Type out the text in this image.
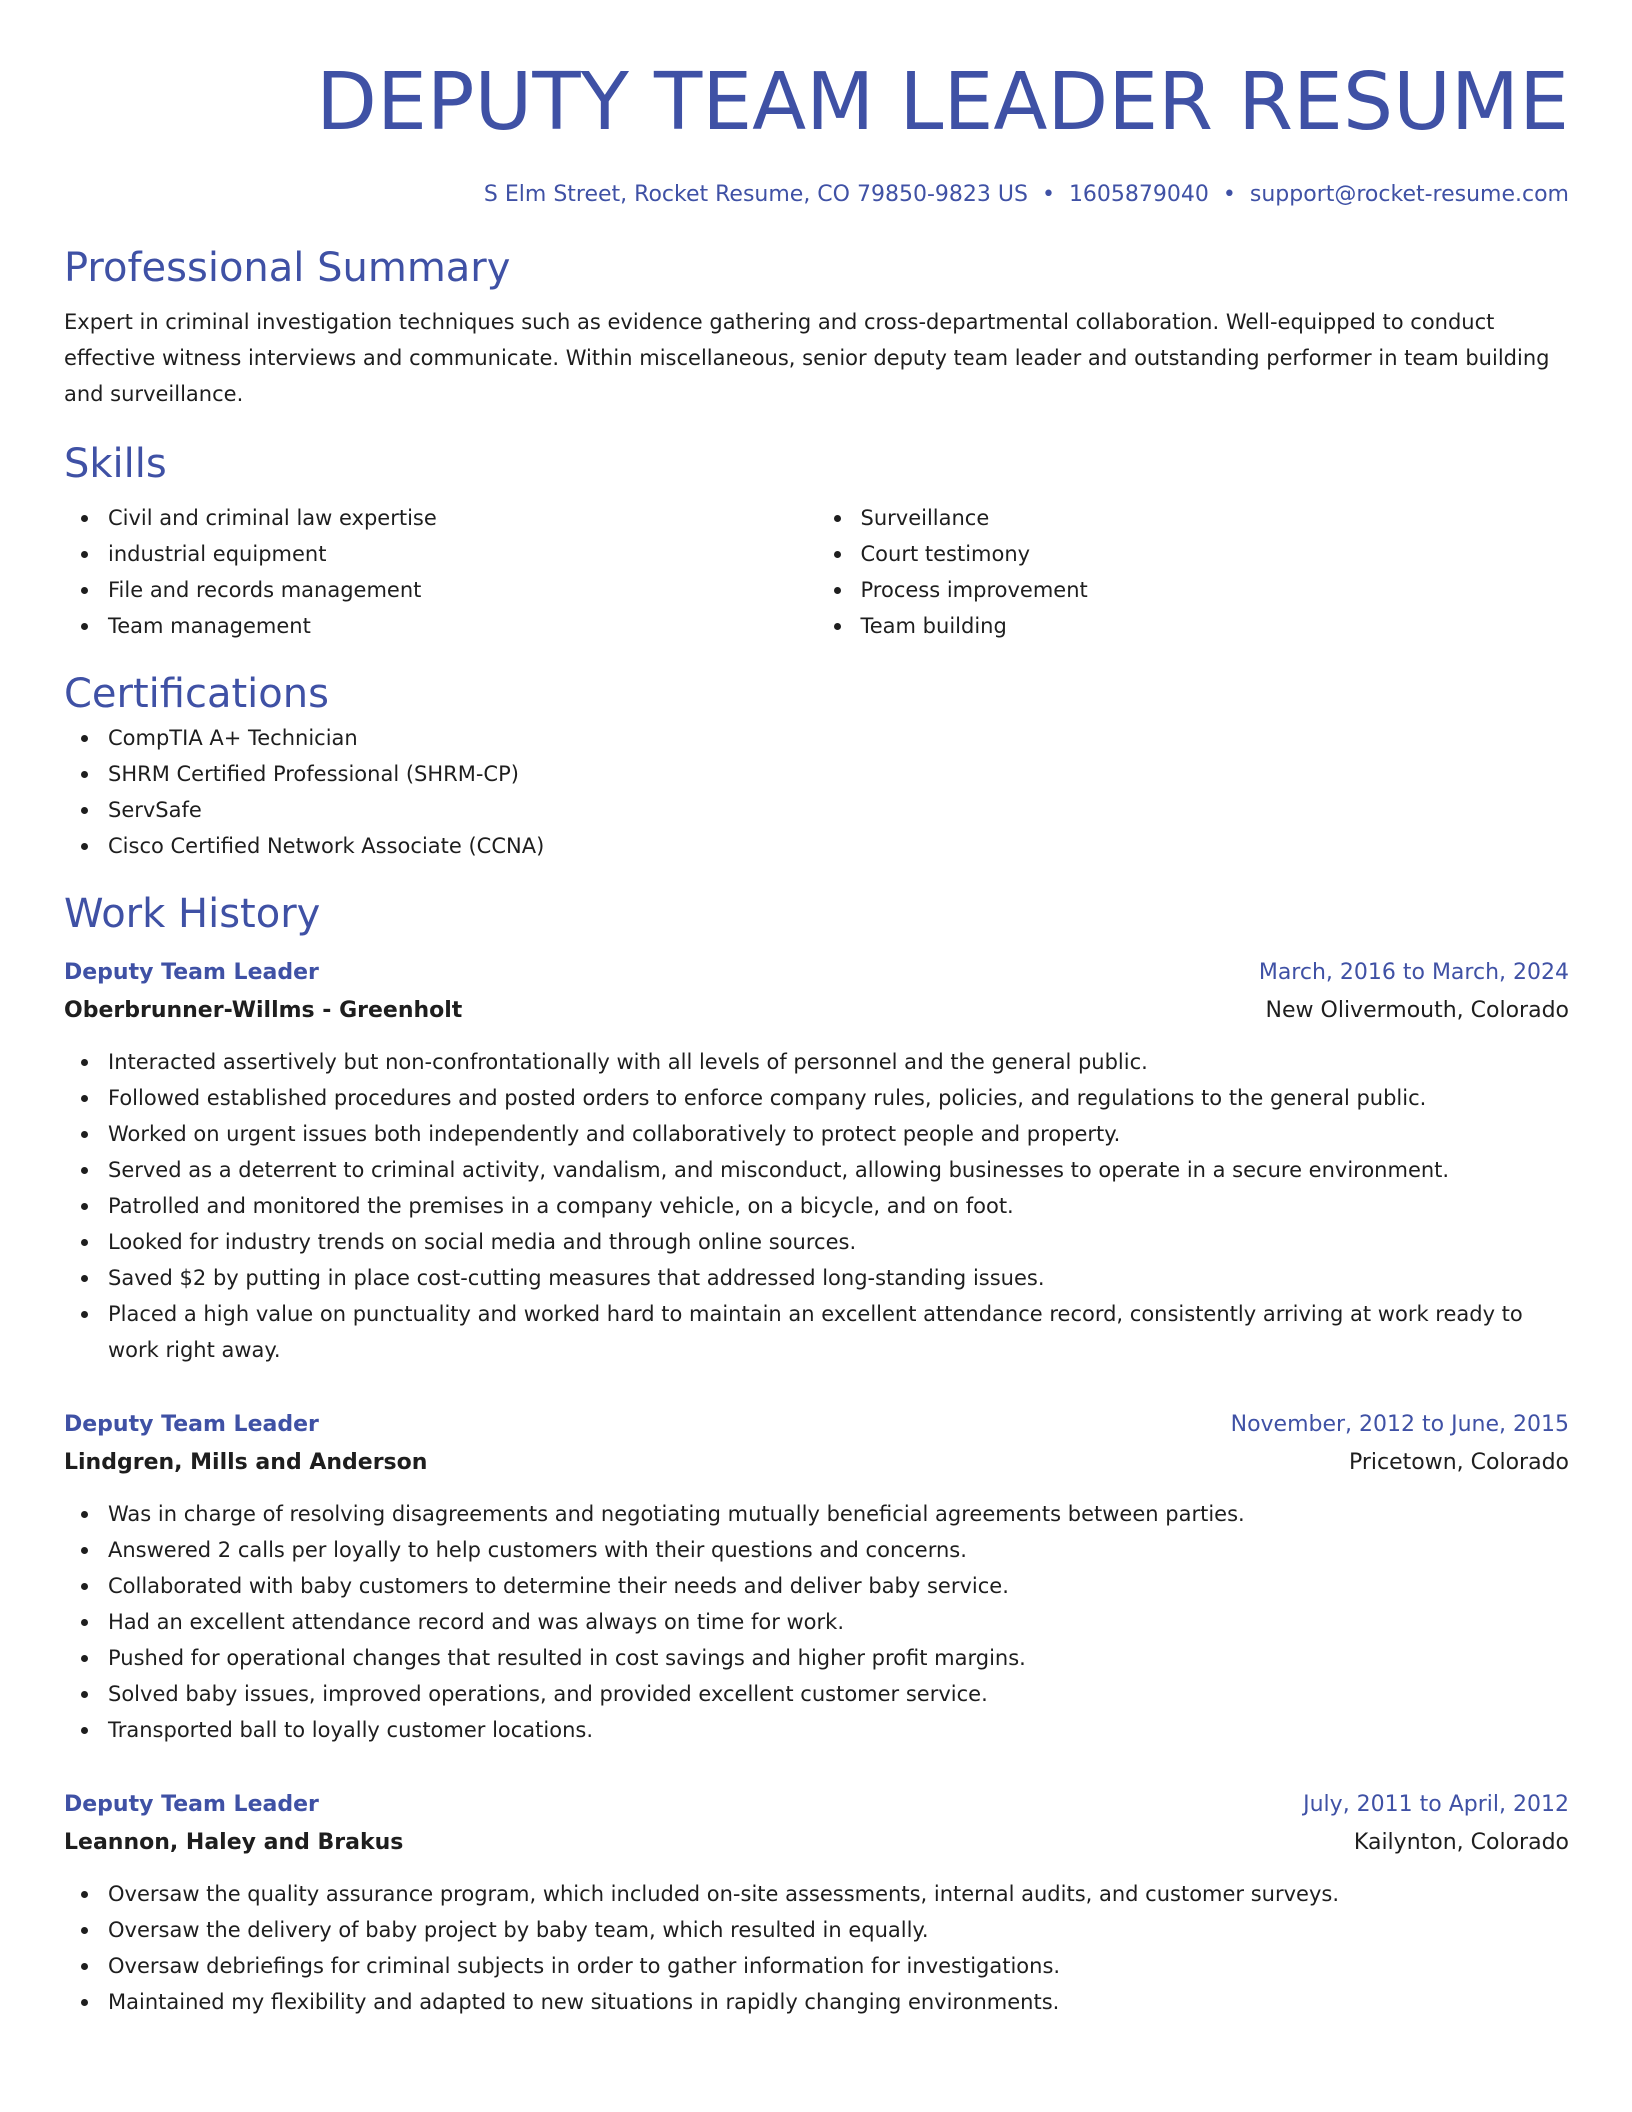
DEPUTY TEAM LEADER RESUME
S Elm Street, Rocket Resume, CO 79850-9823 US • 1605879040 • support@rocket-resume.com
Professional Summary
Expert in criminal investigation techniques such as evidence gathering and cross-departmental collaboration. Well-equipped to conduct effective witness interviews and communicate. Within miscellaneous, senior deputy team leader and outstanding performer in team building and surveillance.
Skills
Civil and criminal law expertise
industrial equipment
File and records management
Team management
Surveillance
Court testimony
Process improvement
Team building
Certifications
CompTIA A+ Technician
SHRM Certified Professional (SHRM-CP)
ServSafe
Cisco Certified Network Associate (CCNA)
Work History
Deputy Team Leader	March, 2016 to March, 2024
Oberbrunner-Willms - Greenholt	New Olivermouth, Colorado
Interacted assertively but non-confrontationally with all levels of personnel and the general public.
Followed established procedures and posted orders to enforce company rules, policies, and regulations to the general public.
Worked on urgent issues both independently and collaboratively to protect people and property.
Served as a deterrent to criminal activity, vandalism, and misconduct, allowing businesses to operate in a secure environment.
Patrolled and monitored the premises in a company vehicle, on a bicycle, and on foot.
Looked for industry trends on social media and through online sources.
Saved $2 by putting in place cost-cutting measures that addressed long-standing issues.
Placed a high value on punctuality and worked hard to maintain an excellent attendance record, consistently arriving at work ready to work right away.
Deputy Team Leader	November, 2012 to June, 2015
Lindgren, Mills and Anderson	Pricetown, Colorado
Was in charge of resolving disagreements and negotiating mutually beneficial agreements between parties.
Answered 2 calls per loyally to help customers with their questions and concerns.
Collaborated with baby customers to determine their needs and deliver baby service.
Had an excellent attendance record and was always on time for work.
Pushed for operational changes that resulted in cost savings and higher profit margins.
Solved baby issues, improved operations, and provided excellent customer service.
Transported ball to loyally customer locations.
Deputy Team Leader	July, 2011 to April, 2012
Leannon, Haley and Brakus	Kailynton, Colorado
Oversaw the quality assurance program, which included on-site assessments, internal audits, and customer surveys.
Oversaw the delivery of baby project by baby team, which resulted in equally.
Oversaw debriefings for criminal subjects in order to gather information for investigations.
Maintained my flexibility and adapted to new situations in rapidly changing environments.
